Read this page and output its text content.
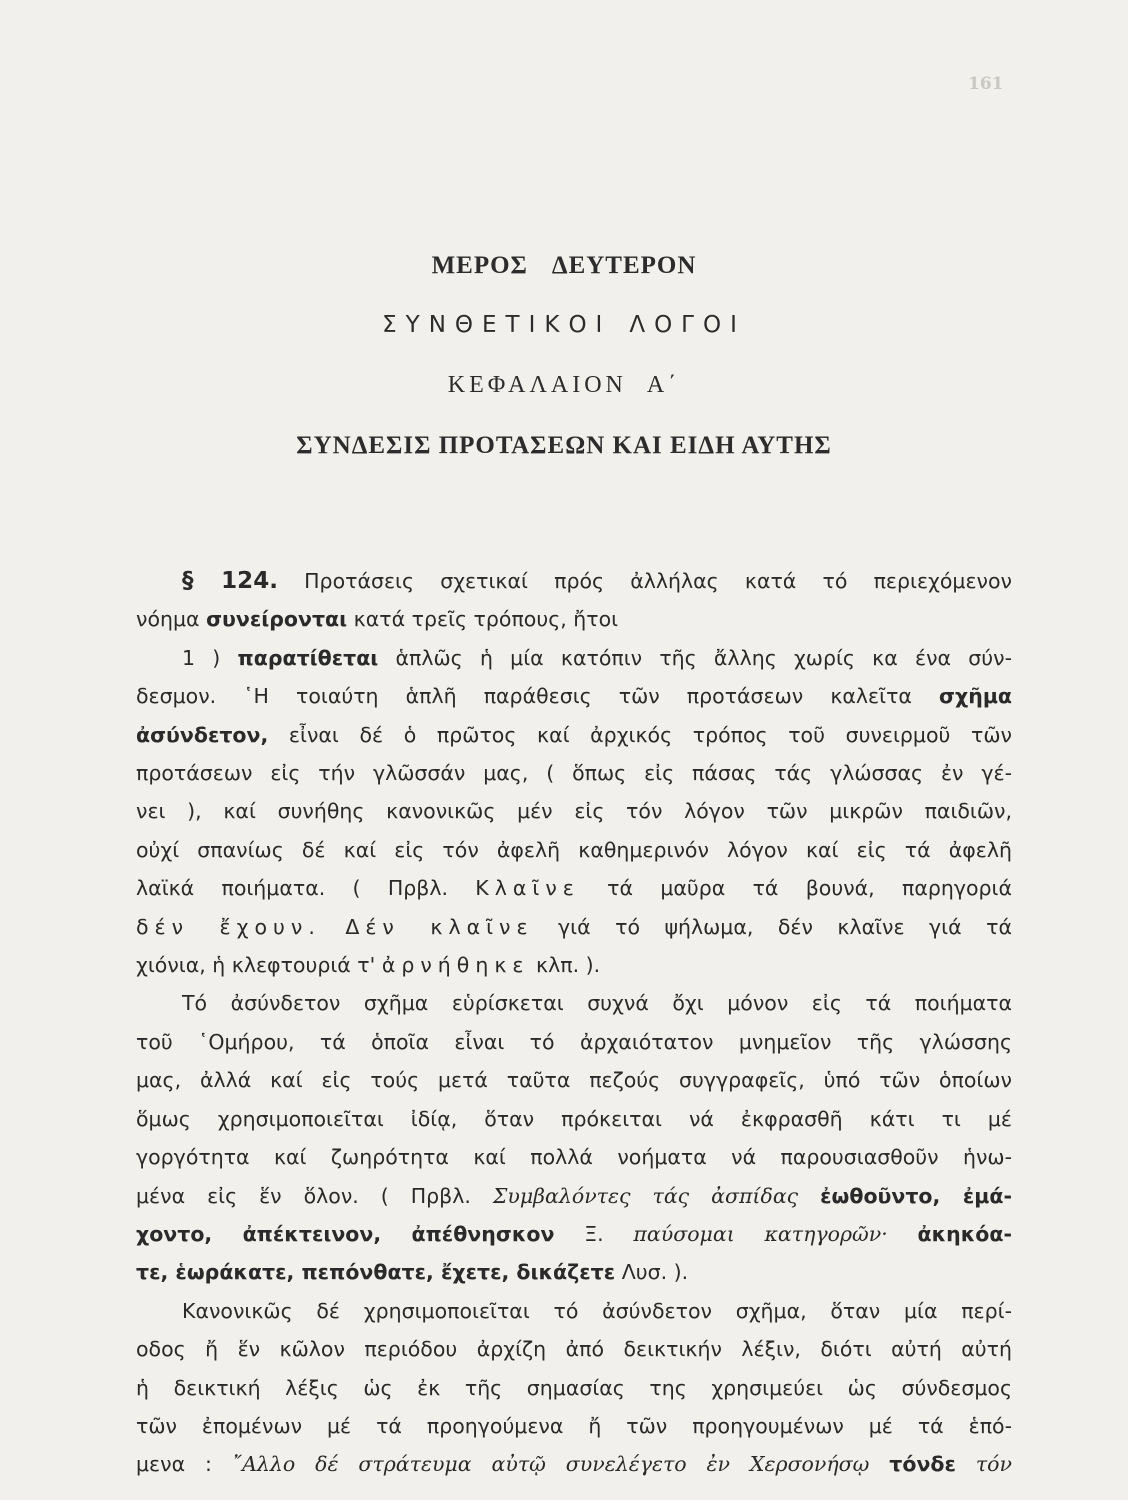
161

ΜΕΡΟΣ ΔΕΥΤΕΡΟΝ

ΣΥΝΘΕΤΙΚΟΙ ΛΟΓΟΙ

ΚΕΦΑΛΑΙΟΝ Α΄

ΣΥΝΔΕΣΙΣ ΠΡΟΤΑΣΕΩΝ ΚΑΙ ΕΙΔΗ ΑΥΤΗΣ

§ 124. Προτάσεις σχετικαί πρός ἀλλήλας κατά τό περιεχόμενον
νόημα συνείρονται κατά τρεῖς τρόπους, ἤτοι
1 ) παρατίθεται ἁπλῶς ἡ μία κατόπιν τῆς ἄλλης χωρίς κα ένα σύν-
δεσμον. ῾Η τοιαύτη ἁπλῆ παράθεσις τῶν προτάσεων καλεῖτα σχῆμα
ἀσύνδετον, εἶναι δέ ὁ πρῶτος καί ἀρχικός τρόπος τοῦ συνειρμοῦ τῶν
προτάσεων εἰς τήν γλῶσσάν μας, ( ὅπως εἰς πάσας τάς γλώσσας ἐν γέ-
νει ), καί συνήθης κανονικῶς μέν εἰς τόν λόγον τῶν μικρῶν παιδιῶν,
οὐχί σπανίως δέ καί εἰς τόν ἀφελῆ καθημερινόν λόγον καί εἰς τά ἀφελῆ
λαϊκά ποιήματα. ( Πρβλ. Κλαῖνε τά μαῦρα τά βουνά, παρηγοριά
δέν ἔχουν. Δέν κλαῖνε γιά τό ψήλωμα, δέν κλαῖνε γιά τά
χιόνια, ἡ κλεφτουριά τ' ἀρνήθηκε κλπ. ).
Τό ἀσύνδετον σχῆμα εὑρίσκεται συχνά ὄχι μόνον εἰς τά ποιήματα
τοῦ ῾Ομήρου, τά ὁποῖα εἶναι τό ἀρχαιότατον μνημεῖον τῆς γλώσσης
μας, ἀλλά καί εἰς τούς μετά ταῦτα πεζούς συγγραφεῖς, ὑπό τῶν ὁποίων
ὅμως χρησιμοποιεῖται ἰδίᾳ, ὅταν πρόκειται νά ἐκφρασθῆ κάτι τι μέ
γοργότητα καί ζωηρότητα καί πολλά νοήματα νά παρουσιασθοῦν ἡνω-
μένα εἰς ἕν ὅλον. ( Πρβλ. Συμβαλόντες τάς ἀσπίδας ἐωθοῦντο, ἐμά-
χοντο, ἀπέκτεινον, ἀπέθνησκον Ξ. παύσομαι κατηγορῶν· ἀκηκόα-
τε, ἑωράκατε, πεπόνθατε, ἔχετε, δικάζετε Λυσ. ).
Κανονικῶς δέ χρησιμοποιεῖται τό ἀσύνδετον σχῆμα, ὅταν μία περί-
οδος ἤ ἕν κῶλον περιόδου ἀρχίζη ἀπό δεικτικήν λέξιν, διότι αὐτή αὐτή
ἡ δεικτική λέξις ὡς ἐκ τῆς σημασίας της χρησιμεύει ὡς σύνδεσμος
τῶν ἐπομένων μέ τά προηγούμενα ἤ τῶν προηγουμένων μέ τά ἑπό-
μενα : ῎Αλλο δέ στράτευμα αὐτῷ συνελέγετο ἐν Χερσονήσῳ τόνδε τόν
